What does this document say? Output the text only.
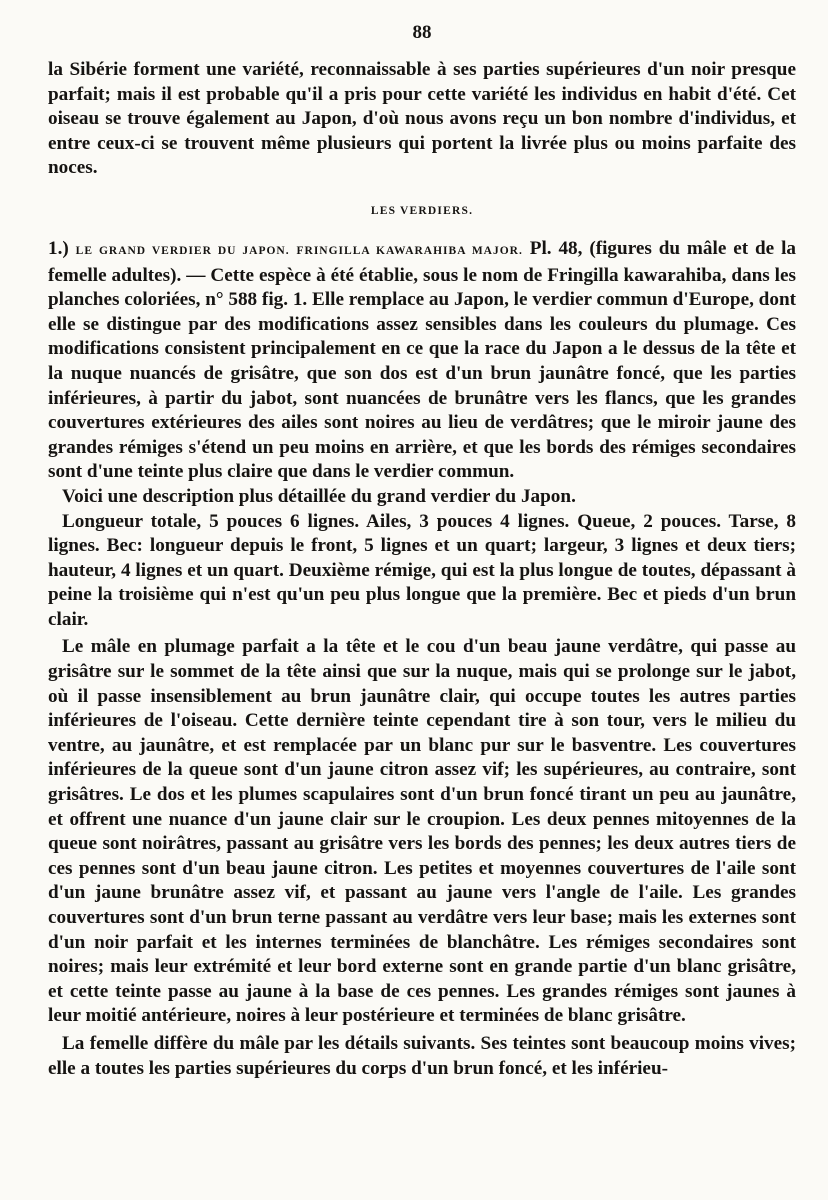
88

la Sibérie forment une variété, reconnaissable à ses parties supérieures d'un noir presque parfait; mais il est probable qu'il a pris pour cette variété les individus en habit d'été. Cet oiseau se trouve également au Japon, d'où nous avons reçu un bon nombre d'individus, et entre ceux-ci se trouvent même plusieurs qui portent la livrée plus ou moins parfaite des noces.

LES VERDIERS.

1.) LE GRAND VERDIER DU JAPON. FRINGILLA KAWARAHIBA MAJOR. Pl. 48, (figures du mâle et de la femelle adultes). — Cette espèce à été établie, sous le nom de Fringilla kawarahiba, dans les planches coloriées, n° 588 fig. 1. Elle remplace au Japon, le verdier commun d'Europe, dont elle se distingue par des modifications assez sensibles dans les couleurs du plumage. Ces modifications consistent principalement en ce que la race du Japon a le dessus de la tête et la nuque nuancés de grisâtre, que son dos est d'un brun jaunâtre foncé, que les parties inférieures, à partir du jabot, sont nuancées de brunâtre vers les flancs, que les grandes couvertures extérieures des ailes sont noires au lieu de verdâtres; que le miroir jaune des grandes rémiges s'étend un peu moins en arrière, et que les bords des rémiges secondaires sont d'une teinte plus claire que dans le verdier commun.

Voici une description plus détaillée du grand verdier du Japon.

Longueur totale, 5 pouces 6 lignes. Ailes, 3 pouces 4 lignes. Queue, 2 pouces. Tarse, 8 lignes. Bec: longueur depuis le front, 5 lignes et un quart; largeur, 3 lignes et deux tiers; hauteur, 4 lignes et un quart. Deuxième rémige, qui est la plus longue de toutes, dépassant à peine la troisième qui n'est qu'un peu plus longue que la première. Bec et pieds d'un brun clair.

Le mâle en plumage parfait a la tête et le cou d'un beau jaune verdâtre, qui passe au grisâtre sur le sommet de la tête ainsi que sur la nuque, mais qui se prolonge sur le jabot, où il passe insensiblement au brun jaunâtre clair, qui occupe toutes les autres parties inférieures de l'oiseau. Cette dernière teinte cependant tire à son tour, vers le milieu du ventre, au jaunâtre, et est remplacée par un blanc pur sur le basventre. Les couvertures inférieures de la queue sont d'un jaune citron assez vif; les supérieures, au contraire, sont grisâtres. Le dos et les plumes scapulaires sont d'un brun foncé tirant un peu au jaunâtre, et offrent une nuance d'un jaune clair sur le croupion. Les deux pennes mitoyennes de la queue sont noirâtres, passant au grisâtre vers les bords des pennes; les deux autres tiers de ces pennes sont d'un beau jaune citron. Les petites et moyennes couvertures de l'aile sont d'un jaune brunâtre assez vif, et passant au jaune vers l'angle de l'aile. Les grandes couvertures sont d'un brun terne passant au verdâtre vers leur base; mais les externes sont d'un noir parfait et les internes terminées de blanchâtre. Les rémiges secondaires sont noires; mais leur extrémité et leur bord externe sont en grande partie d'un blanc grisâtre, et cette teinte passe au jaune à la base de ces pennes. Les grandes rémiges sont jaunes à leur moitié antérieure, noires à leur postérieure et terminées de blanc grisâtre.

La femelle diffère du mâle par les détails suivants. Ses teintes sont beaucoup moins vives; elle a toutes les parties supérieures du corps d'un brun foncé, et les inférieu-
